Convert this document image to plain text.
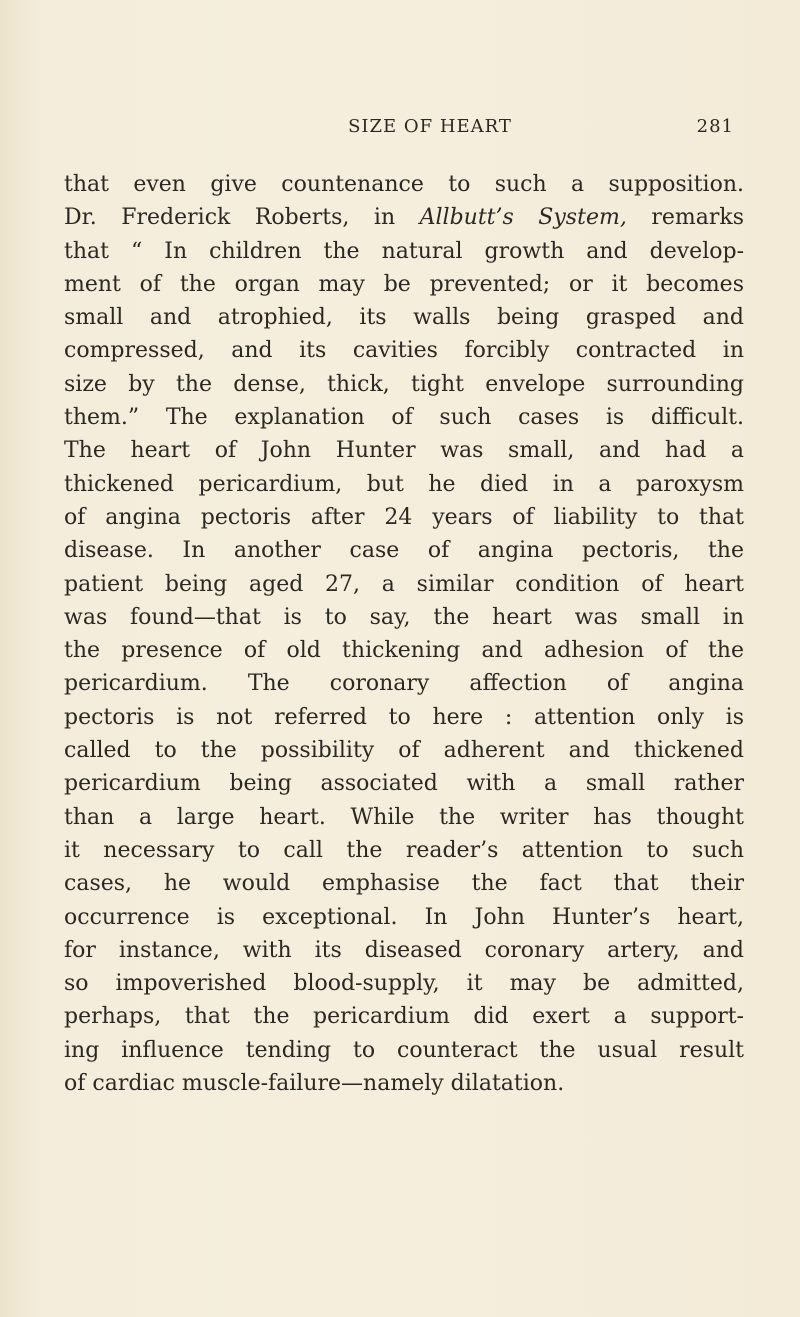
SIZE OF HEART	281
that even give countenance to such a supposition.
Dr. Frederick Roberts, in Allbutt’s System, remarks
that “ In children the natural growth and develop-
ment of the organ may be prevented; or it becomes
small and atrophied, its walls being grasped and
compressed, and its cavities forcibly contracted in
size by the dense, thick, tight envelope surrounding
them.” The explanation of such cases is difficult.
The heart of John Hunter was small, and had a
thickened pericardium, but he died in a paroxysm
of angina pectoris after 24 years of liability to that
disease. In another case of angina pectoris, the
patient being aged 27, a similar condition of heart
was found—that is to say, the heart was small in
the presence of old thickening and adhesion of the
pericardium. The coronary affection of angina
pectoris is not referred to here : attention only is
called to the possibility of adherent and thickened
pericardium being associated with a small rather
than a large heart. While the writer has thought
it necessary to call the reader’s attention to such
cases, he would emphasise the fact that their
occurrence is exceptional. In John Hunter’s heart,
for instance, with its diseased coronary artery, and
so impoverished blood-supply, it may be admitted,
perhaps, that the pericardium did exert a support-
ing influence tending to counteract the usual result
of cardiac muscle-failure—namely dilatation.
